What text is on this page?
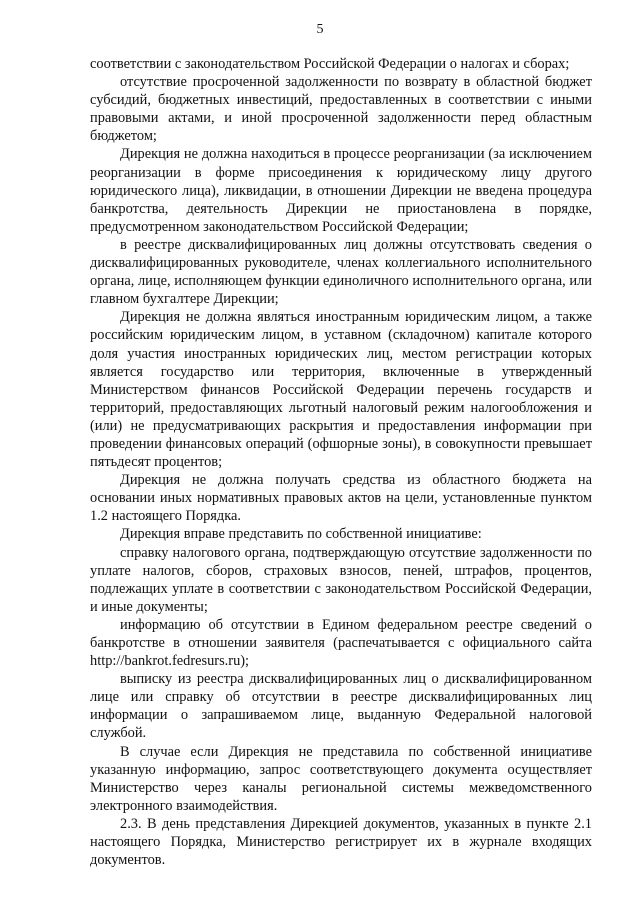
5

соответствии с законодательством Российской Федерации о налогах и сборах;

отсутствие просроченной задолженности по возврату в областной бюджет субсидий, бюджетных инвестиций, предоставленных в соответствии с иными правовыми актами, и иной просроченной задолженности перед областным бюджетом;

Дирекция не должна находиться в процессе реорганизации (за исключением реорганизации в форме присоединения к юридическому лицу другого юридического лица), ликвидации, в отношении Дирекции не введена процедура банкротства, деятельность Дирекции не приостановлена в порядке, предусмотренном законодательством Российской Федерации;

в реестре дисквалифицированных лиц должны отсутствовать сведения о дисквалифицированных руководителе, членах коллегиального исполнительного органа, лице, исполняющем функции единоличного исполнительного органа, или главном бухгалтере Дирекции;

Дирекция не должна являться иностранным юридическим лицом, а также российским юридическим лицом, в уставном (складочном) капитале которого доля участия иностранных юридических лиц, местом регистрации которых является государство или территория, включенные в утвержденный Министерством финансов Российской Федерации перечень государств и территорий, предоставляющих льготный налоговый режим налогообложения и (или) не предусматривающих раскрытия и предоставления информации при проведении финансовых операций (офшорные зоны), в совокупности превышает пятьдесят процентов;

Дирекция не должна получать средства из областного бюджета на основании иных нормативных правовых актов на цели, установленные пунктом 1.2 настоящего Порядка.

Дирекция вправе представить по собственной инициативе:

справку налогового органа, подтверждающую отсутствие задолженности по уплате налогов, сборов, страховых взносов, пеней, штрафов, процентов, подлежащих уплате в соответствии с законодательством Российской Федерации, и иные документы;

информацию об отсутствии в Едином федеральном реестре сведений о банкротстве в отношении заявителя (распечатывается с официального сайта http://bankrot.fedresurs.ru);

выписку из реестра дисквалифицированных лиц о дисквалифицированном лице или справку об отсутствии в реестре дисквалифицированных лиц информации о запрашиваемом лице, выданную Федеральной налоговой службой.

В случае если Дирекция не представила по собственной инициативе указанную информацию, запрос соответствующего документа осуществляет Министерство через каналы региональной системы межведомственного электронного взаимодействия.

2.3. В день представления Дирекцией документов, указанных в пункте 2.1 настоящего Порядка, Министерство регистрирует их в журнале входящих документов.
